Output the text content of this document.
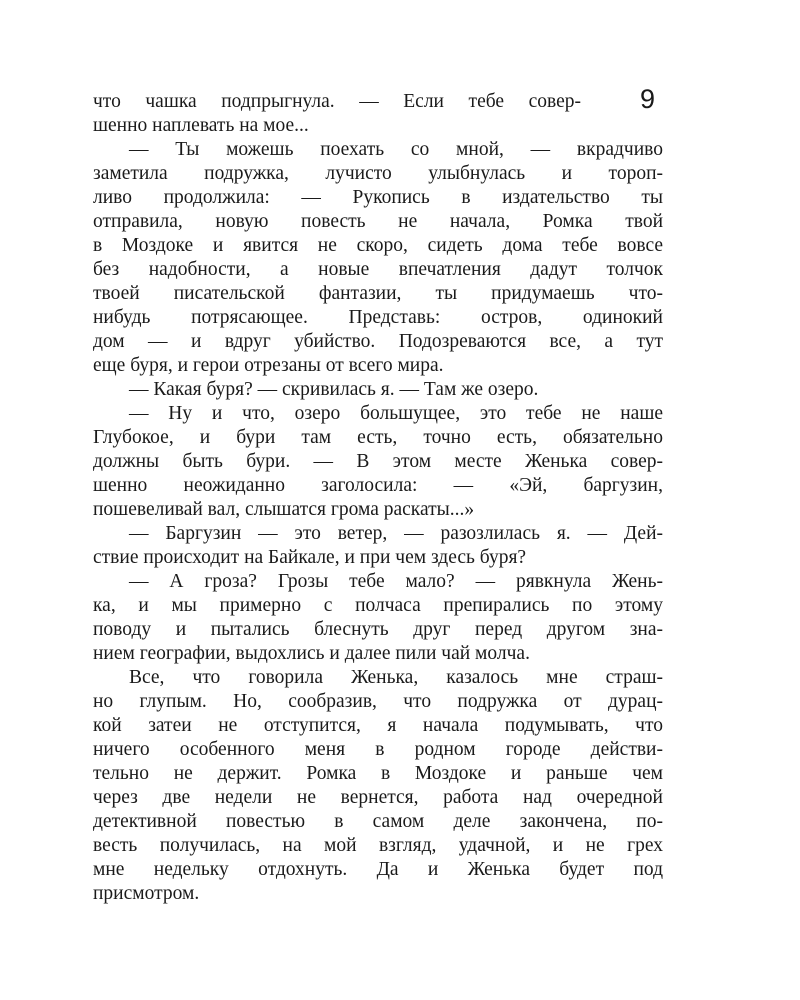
9
что чашка подпрыгнула. — Если тебе совер-
шенно наплевать на мое...
— Ты можешь поехать со мной, — вкрадчиво
заметила подружка, лучисто улыбнулась и тороп-
ливо продолжила: — Рукопись в издательство ты
отправила, новую повесть не начала, Ромка твой
в Моздоке и явится не скоро, сидеть дома тебе вовсе
без надобности, а новые впечатления дадут толчок
твоей писательской фантазии, ты придумаешь что-
нибудь потрясающее. Представь: остров, одинокий
дом — и вдруг убийство. Подозреваются все, а тут
еще буря, и герои отрезаны от всего мира.
— Какая буря? — скривилась я. — Там же озеро.
— Ну и что, озеро большущее, это тебе не наше
Глубокое, и бури там есть, точно есть, обязательно
должны быть бури. — В этом месте Женька совер-
шенно неожиданно заголосила: — «Эй, баргузин,
пошевеливай вал, слышатся грома раскаты...»
— Баргузин — это ветер, — разозлилась я. — Дей-
ствие происходит на Байкале, и при чем здесь буря?
— А гроза? Грозы тебе мало? — рявкнула Жень-
ка, и мы примерно с полчаса препирались по этому
поводу и пытались блеснуть друг перед другом зна-
нием географии, выдохлись и далее пили чай молча.
Все, что говорила Женька, казалось мне страш-
но глупым. Но, сообразив, что подружка от дурац-
кой затеи не отступится, я начала подумывать, что
ничего особенного меня в родном городе действи-
тельно не держит. Ромка в Моздоке и раньше чем
через две недели не вернется, работа над очередной
детективной повестью в самом деле закончена, по-
весть получилась, на мой взгляд, удачной, и не грех
мне недельку отдохнуть. Да и Женька будет под
присмотром.
